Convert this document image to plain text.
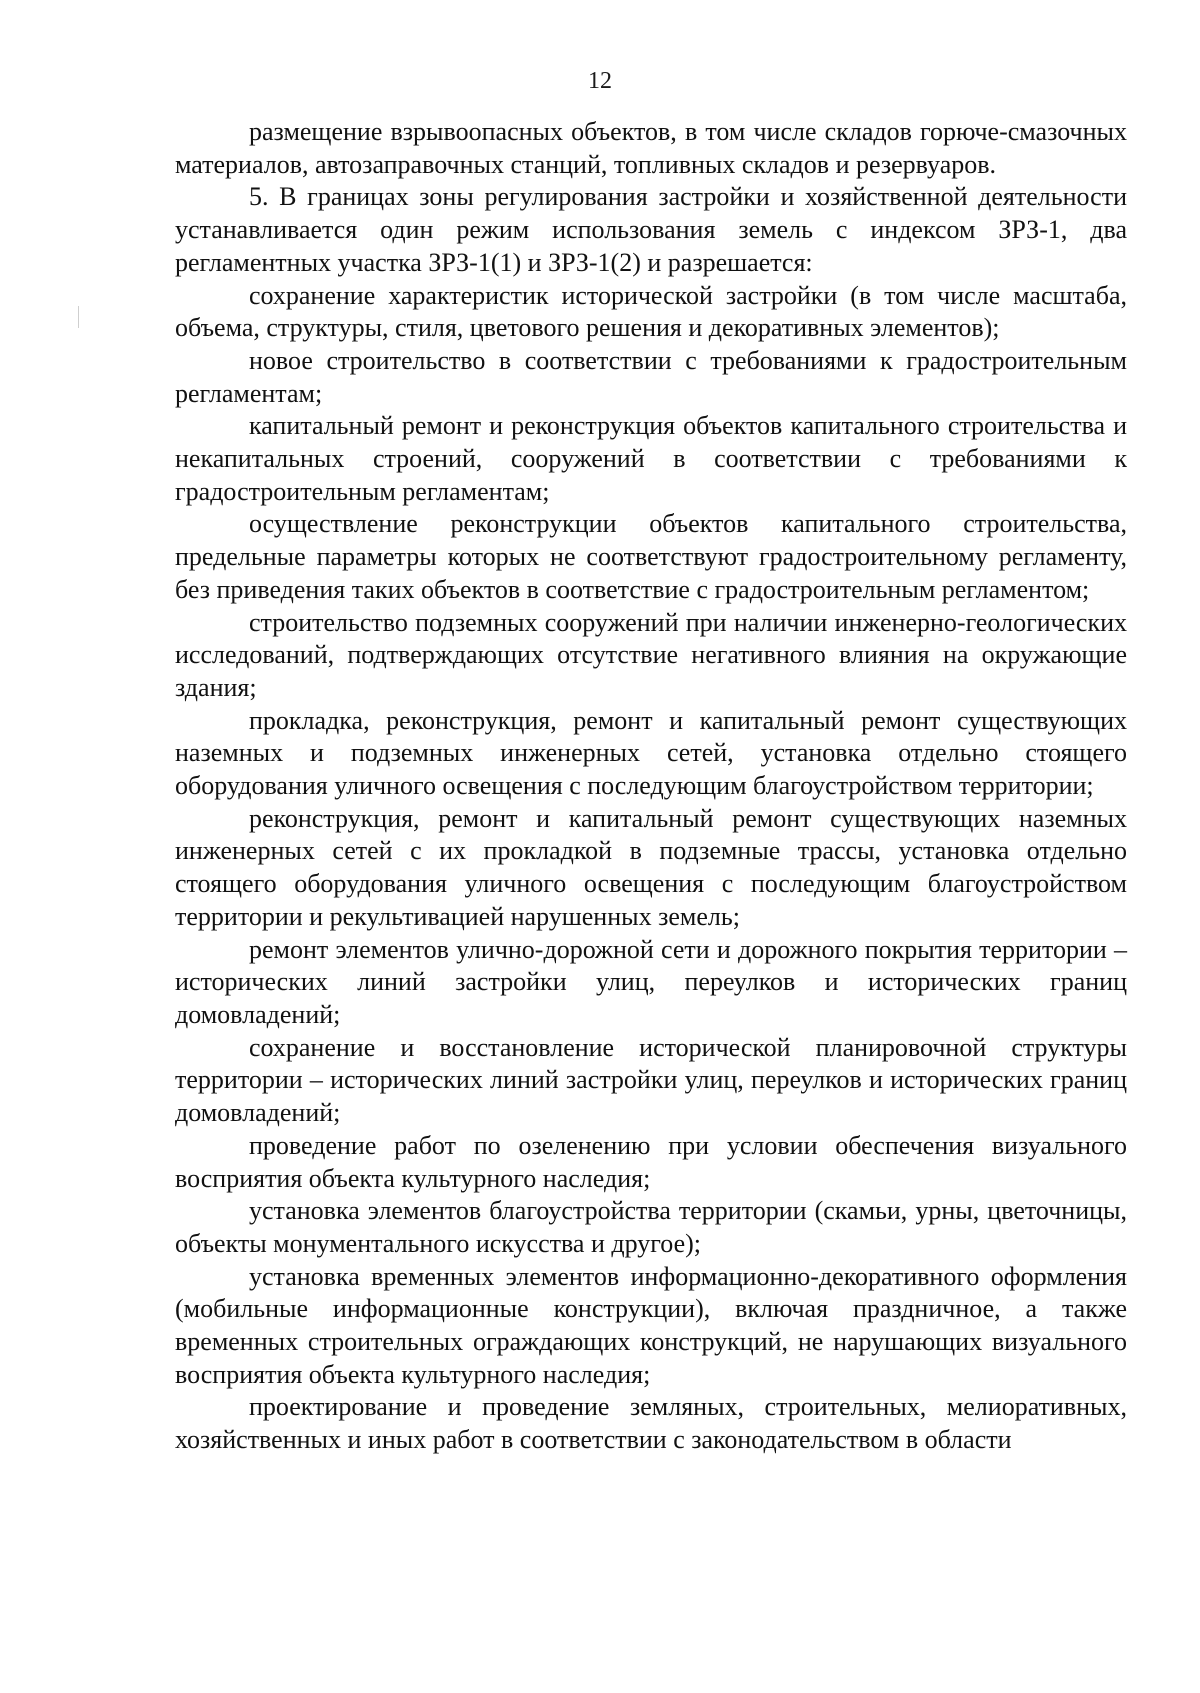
12

размещение взрывоопасных объектов, в том числе складов горюче-смазочных материалов, автозаправочных станций, топливных складов и резервуаров.

5. В границах зоны регулирования застройки и хозяйственной деятельности устанавливается один режим использования земель с индексом ЗРЗ-1, два регламентных участка ЗРЗ-1(1) и ЗРЗ-1(2) и разрешается:

сохранение характеристик исторической застройки (в том числе масштаба, объема, структуры, стиля, цветового решения и декоративных элементов);

новое строительство в соответствии с требованиями к градостроительным регламентам;

капитальный ремонт и реконструкция объектов капитального строительства и некапитальных строений, сооружений в соответствии с требованиями к градостроительным регламентам;

осуществление реконструкции объектов капитального строительства, предельные параметры которых не соответствуют градостроительному регламенту, без приведения таких объектов в соответствие с градостроительным регламентом;

строительство подземных сооружений при наличии инженерно-геологических исследований, подтверждающих отсутствие негативного влияния на окружающие здания;

прокладка, реконструкция, ремонт и капитальный ремонт существующих наземных и подземных инженерных сетей, установка отдельно стоящего оборудования уличного освещения с последующим благоустройством территории;

реконструкция, ремонт и капитальный ремонт существующих наземных инженерных сетей с их прокладкой в подземные трассы, установка отдельно стоящего оборудования уличного освещения с последующим благоустройством территории и рекультивацией нарушенных земель;

ремонт элементов улично-дорожной сети и дорожного покрытия территории – исторических линий застройки улиц, переулков и исторических границ домовладений;

сохранение и восстановление исторической планировочной структуры территории – исторических линий застройки улиц, переулков и исторических границ домовладений;

проведение работ по озеленению при условии обеспечения визуального восприятия объекта культурного наследия;

установка элементов благоустройства территории (скамьи, урны, цветочницы, объекты монументального искусства и другое);

установка временных элементов информационно-декоративного оформления (мобильные информационные конструкции), включая праздничное, а также временных строительных ограждающих конструкций, не нарушающих визуального восприятия объекта культурного наследия;

проектирование и проведение земляных, строительных, мелиоративных, хозяйственных и иных работ в соответствии с законодательством в области
